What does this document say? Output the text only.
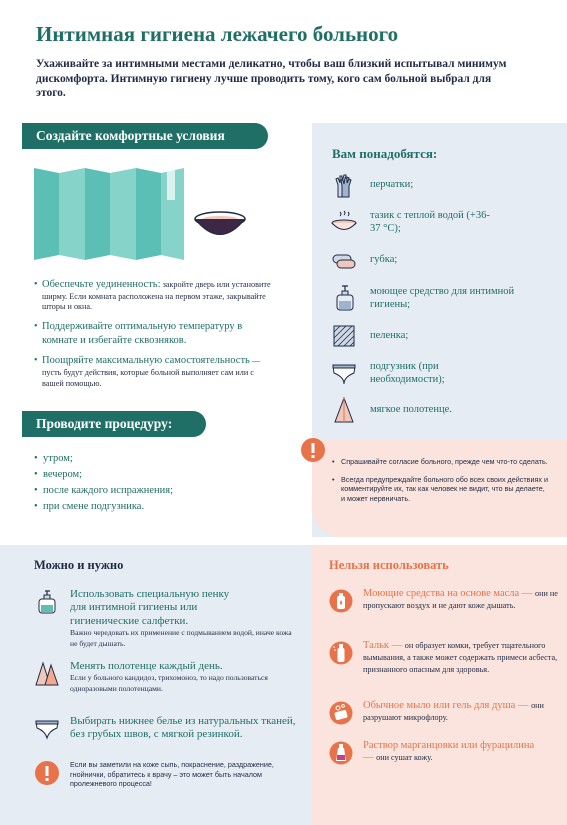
Интимная гигиена лежачего больного
Ухаживайте за интимными местами деликатно, чтобы ваш близкий испытывал минимум дискомфорта. Интимную гигиену лучше проводить тому, кого сам больной выбрал для этого.
Вам понадобятся:
перчатки;
тазик с теплой водой (+36-37 °C);
губка;
моющее средство для интимной гигиены;
пеленка;
подгузник (при необходимости);
мягкое полотенце.
• Спрашивайте согласие больного, прежде чем что-то сделать.
• Всегда предупреждайте больного обо всех своих действиях и комментируйте их, так как человек не видит, что вы делаете, и может нервничать.
Создайте комфортные условия
• Обеспечьте уединенность: закройте дверь или установите ширму. Если комната расположена на первом этаже, закрывайте шторы и окна.
• Поддерживайте оптимальную температуру в комнате и избегайте сквозняков.
• Поощряйте максимальную самостоятельность — пусть будут действия, которые больной выполняет сам или с вашей помощью.
Проводите процедуру:
• утром;
• вечером;
• после каждого испражнения;
• при смене подгузника.
Можно и нужно	Нельзя использовать
Использовать специальную пенку для интимной гигиены или гигиенические салфетки.
Важно чередовать их применение с подмыванием водой, иначе кожа не будет дышать.
Менять полотенце каждый день.
Если у больного кандидоз, трихомоноз, то надо пользоваться одноразовыми полотенцами.
Выбирать нижнее белье из натуральных тканей, без грубых швов, с мягкой резинкой.
Если вы заметили на коже сыпь, покраснение, раздражение, гнойнички, обратитесь к врачу – это может быть началом пролежневого процесса!
Моющие средства на основе масла — они не пропускают воздух и не дают коже дышать.
Тальк — он образует комки, требует тщательного вымывания, а также может содержать примеси асбеста, признанного опасным для здоровья.
Обычное мыло или гель для душа — они разрушают микрофлору.
Раствор марганцовки или фурацилина — они сушат кожу.
